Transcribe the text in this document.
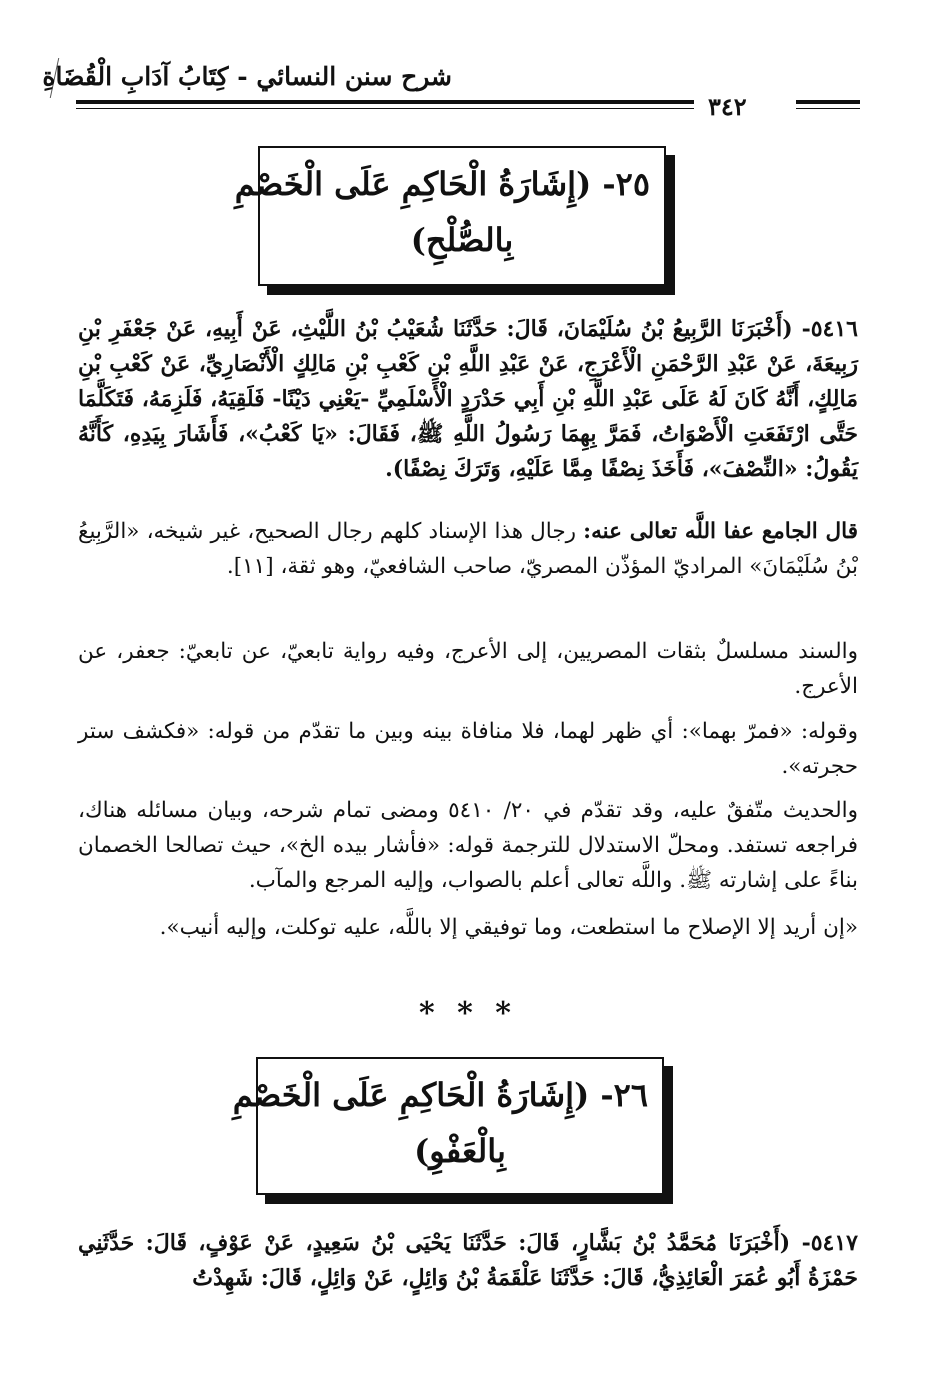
شرح سنن النسائي - كِتَابُ آدَابِ الْقُضَاةِ
٣٤٢
٢٥- (إِشَارَةُ الْحَاكِمِ عَلَى الْخَصْمِ
بِالصُّلْحِ)
٥٤١٦- (أَخْبَرَنَا الرَّبِيعُ بْنُ سُلَيْمَانَ، قَالَ: حَدَّثَنَا شُعَيْبُ بْنُ اللَّيْثِ، عَنْ أَبِيهِ، عَنْ جَعْفَرِ بْنِ رَبِيعَةَ، عَنْ عَبْدِ الرَّحْمَنِ الْأَعْرَجِ، عَنْ عَبْدِ اللَّهِ بْنِ كَعْبِ بْنِ مَالِكٍ الْأَنْصَارِيِّ، عَنْ كَعْبِ بْنِ مَالِكٍ، أَنَّهُ كَانَ لَهُ عَلَى عَبْدِ اللَّهِ بْنِ أَبِي حَدْرَدٍ الْأَسْلَمِيِّ -يَعْنِي دَيْنًا- فَلَقِيَهُ، فَلَزِمَهُ، فَتَكَلَّمَا حَتَّى ارْتَفَعَتِ الْأَصْوَاتُ، فَمَرَّ بِهِمَا رَسُولُ اللَّهِ ﷺ، فَقَالَ: «يَا كَعْبُ»، فَأَشَارَ بِيَدِهِ، كَأَنَّهُ يَقُولُ: «النِّصْفَ»، فَأَخَذَ نِصْفًا مِمَّا عَلَيْهِ، وَتَرَكَ نِصْفًا).
قال الجامع عفا اللَّه تعالى عنه: رجال هذا الإسناد كلهم رجال الصحيح، غير شيخه، «الرَّبِيعُ بْنُ سُلَيْمَانَ» المراديّ المؤذّن المصريّ، صاحب الشافعيّ، وهو ثقة، [١١].
والسند مسلسلٌ بثقات المصريين، إلى الأعرج، وفيه رواية تابعيّ، عن تابعيّ: جعفر، عن الأعرج.
وقوله: «فمرّ بهما»: أي ظهر لهما، فلا منافاة بينه وبين ما تقدّم من قوله: «فكشف ستر حجرته».
والحديث متّفقٌ عليه، وقد تقدّم في ٢٠/ ٥٤١٠ ومضى تمام شرحه، وبيان مسائله هناك، فراجعه تستفد. ومحلّ الاستدلال للترجمة قوله: «فأشار بيده الخ»، حيث تصالحا الخصمان بناءً على إشارته ﷺ. واللَّه تعالى أعلم بالصواب، وإليه المرجع والمآب.
«إن أريد إلا الإصلاح ما استطعت، وما توفيقي إلا باللَّه، عليه توكلت، وإليه أنيب».
* * *
٢٦- (إِشَارَةُ الْحَاكِمِ عَلَى الْخَصْمِ
بِالْعَفْوِ)
٥٤١٧- (أَخْبَرَنَا مُحَمَّدُ بْنُ بَشَّارٍ، قَالَ: حَدَّثَنَا يَحْيَى بْنُ سَعِيدٍ، عَنْ عَوْفٍ، قَالَ: حَدَّثَنِي حَمْزَةُ أَبُو عُمَرَ الْعَائِذِيُّ، قَالَ: حَدَّثَنَا عَلْقَمَةُ بْنُ وَائِلٍ، عَنْ وَائِلٍ، قَالَ: شَهِدْتُ
